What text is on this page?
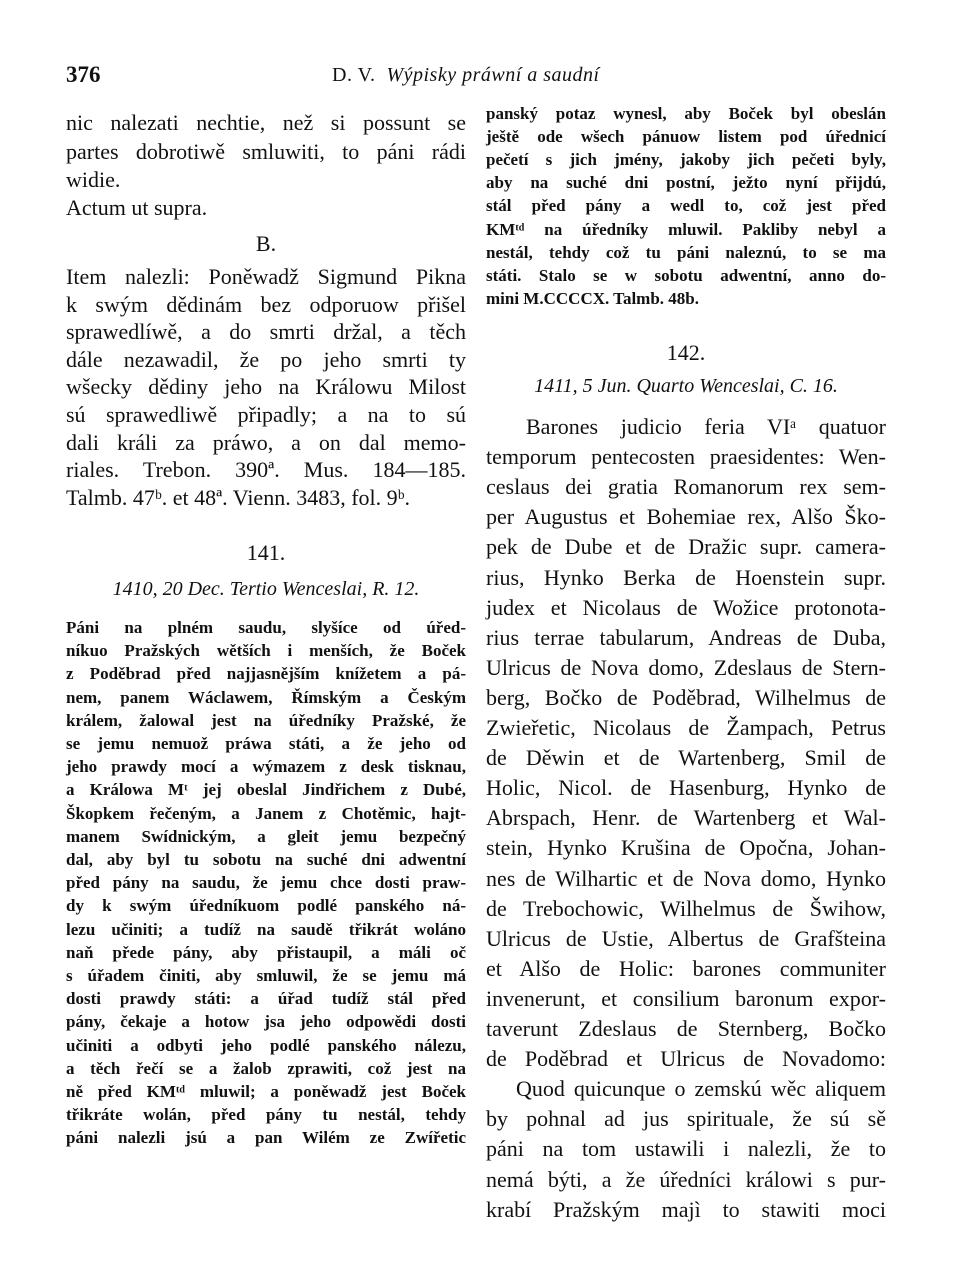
376	D. V. Wýpisky práwní a saudní
nic nalezati nechtie, než si possunt se
partes dobrotiwě smluwiti, to páni rádi
widie.
Actum ut supra.
B.
Item nalezli: Poněwadž Sigmund Pikna
k swým dědinám bez odporuow přišel
sprawedlíwě, a do smrti držal, a těch
dále nezawadil, že po jeho smrti ty
wšecky dědiny jeho na Králowu Milost
sú sprawedliwě připadly; a na to sú
dali králi za práwo, a on dal memo-
riales. Trebon. 390ª. Mus. 184—185.
Talmb. 47ᵇ. et 48ª. Vienn. 3483, fol. 9ᵇ.
141.
1410, 20 Dec. Tertio Wenceslai, R. 12.
Páni na plném saudu, slyšíce od úřed-
níkuo Pražských wětších i menších, že Boček
z Poděbrad před najjasnějším knížetem a pá-
nem, panem Wáclawem, Římským a Českým
králem, žalowal jest na úředníky Pražské, že
se jemu nemuož práwa státi, a že jeho od
jeho prawdy mocí a wýmazem z desk tisknau,
a Králowa Mᵗ jej obeslal Jindřichem z Dubé,
Škopkem řečeným, a Janem z Chotěmic, hajt-
manem Swídnickým, a gleit jemu bezpečný
dal, aby byl tu sobotu na suché dni adwentní
před pány na saudu, že jemu chce dosti praw-
dy k swým úředníkuom podlé panského ná-
lezu učiniti; a tudíž na saudě třikrát woláno
naň přede pány, aby přistaupil, a máli oč
s úřadem činiti, aby smluwil, že se jemu má
dosti prawdy státi: a úřad tudíž stál před
pány, čekaje a hotow jsa jeho odpowědi dosti
učiniti a odbyti jeho podlé panského nálezu,
a těch řečí se a žalob zprawiti, což jest na
ně před KMᵗᵈ mluwil; a poněwadž jest Boček
třikráte wolán, před pány tu nestál, tehdy
páni nalezli jsú a pan Wilém ze Zwířetic
panský potaz wynesl, aby Boček byl obeslán
ještě ode wšech pánuow listem pod úřednicí
pečetí s jich jmény, jakoby jich pečeti byly,
aby na suché dni postní, ježto nyní přijdú,
stál před pány a wedl to, což jest před
KMᵗᵈ na úředníky mluwil. Pakliby nebyl a
nestál, tehdy což tu páni naleznú, to se ma
státi. Stalo se w sobotu adwentní, anno do-
mini M.CCCCX. Talmb. 48b.
142.
1411, 5 Jun. Quarto Wenceslai, C. 16.
Barones judicio feria VIᵃ quatuor
temporum pentecosten praesidentes: Wen-
ceslaus dei gratia Romanorum rex sem-
per Augustus et Bohemiae rex, Alšo Ško-
pek de Dube et de Dražic supr. camera-
rius, Hynko Berka de Hoenstein supr.
judex et Nicolaus de Wožice protonota-
rius terrae tabularum, Andreas de Duba,
Ulricus de Nova domo, Zdeslaus de Stern-
berg, Bočko de Poděbrad, Wilhelmus de
Zwieřetic, Nicolaus de Žampach, Petrus
de Děwin et de Wartenberg, Smil de
Holic, Nicol. de Hasenburg, Hynko de
Abrspach, Henr. de Wartenberg et Wal-
stein, Hynko Krušina de Opočna, Johan-
nes de Wilhartic et de Nova domo, Hynko
de Trebochowic, Wilhelmus de Šwihow,
Ulricus de Ustie, Albertus de Grafšteina
et Alšo de Holic: barones communiter
invenerunt, et consilium baronum expor-
taverunt Zdeslaus de Sternberg, Bočko
de Poděbrad et Ulricus de Novadomo:
Quod quicunque o zemskú wěc aliquem
by pohnal ad jus spirituale, že sú sě
páni na tom ustawili i nalezli, že to
nemá býti, a že úředníci králowi s pur-
krabí Pražským majì to stawiti moci
